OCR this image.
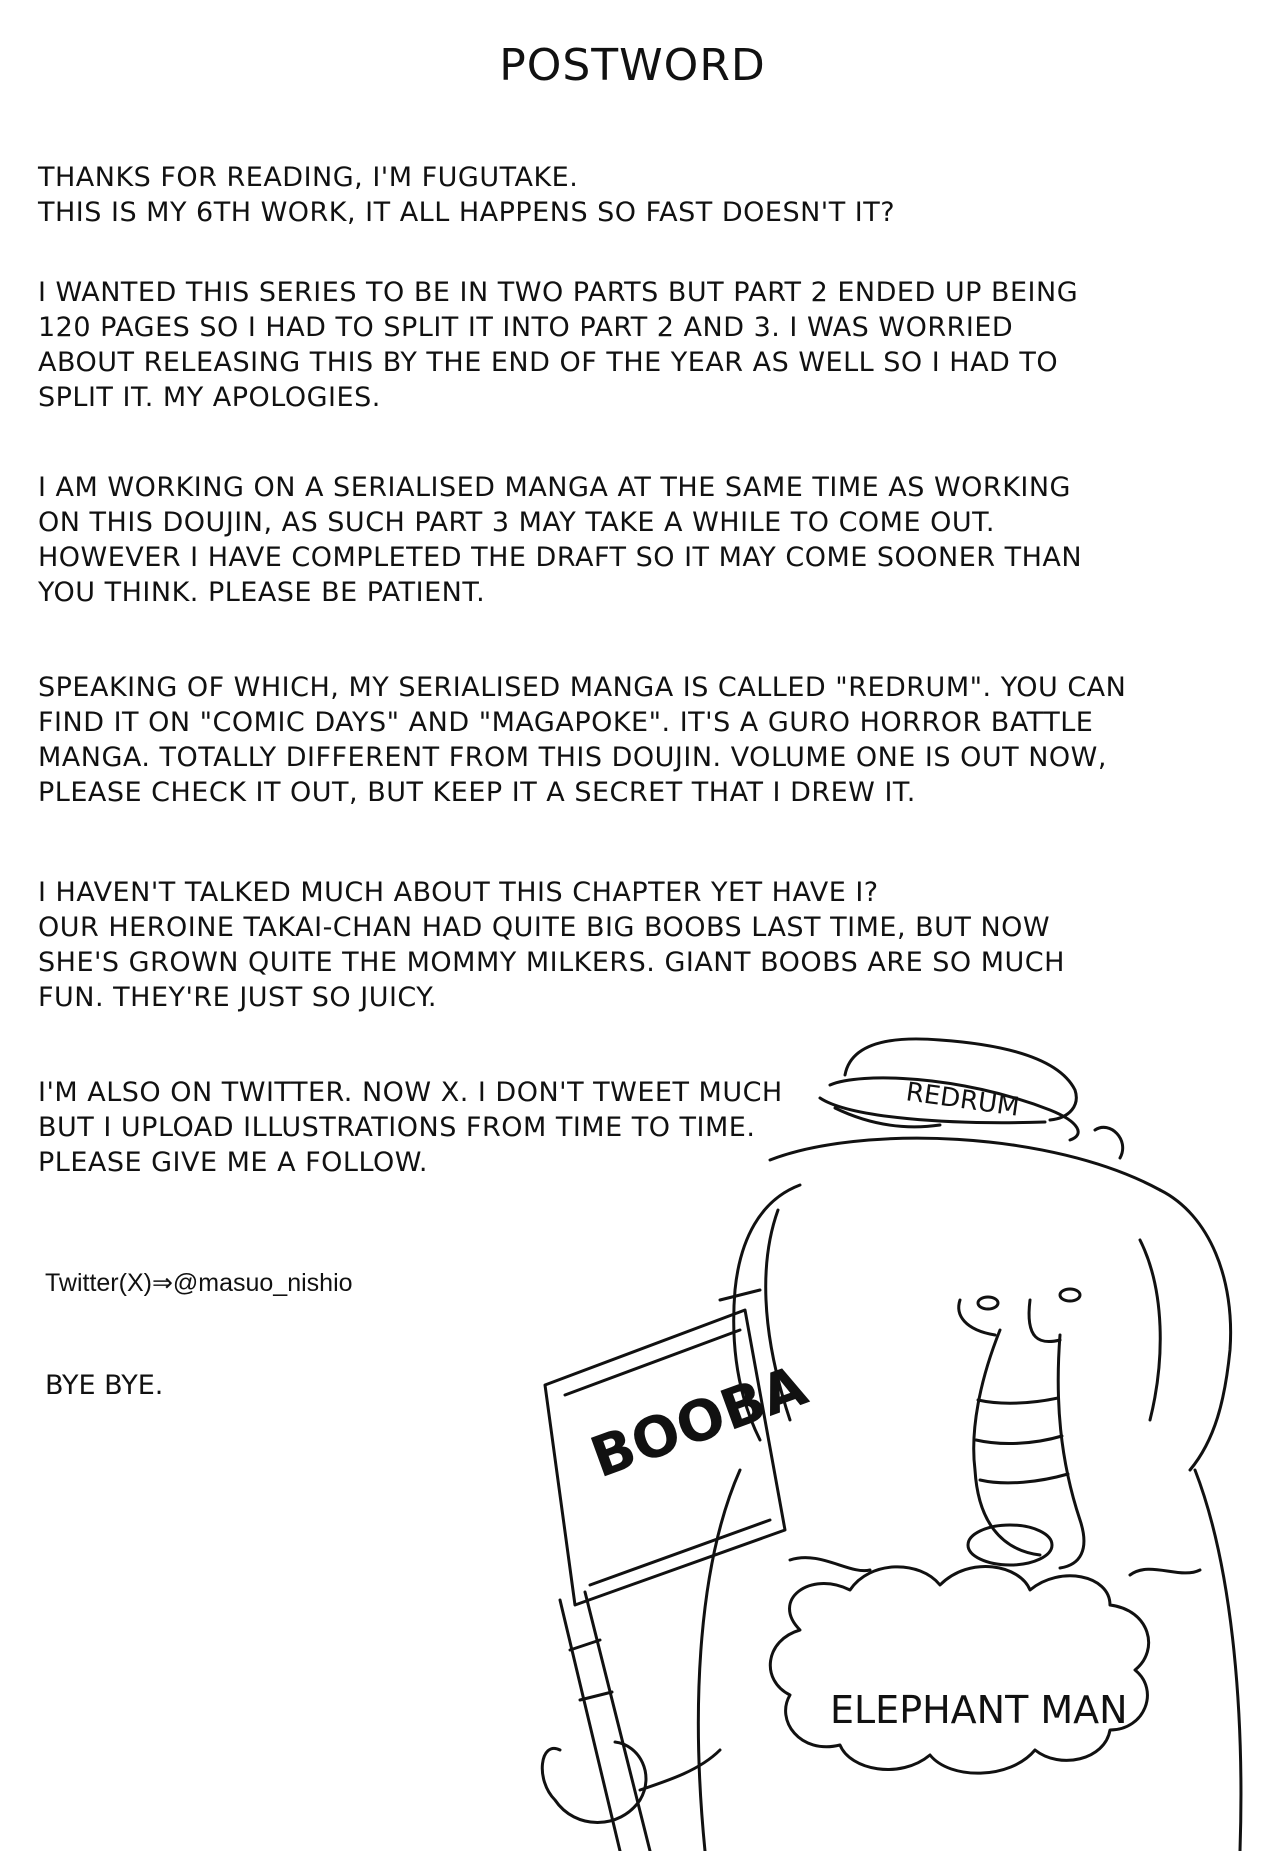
POSTWORD

THANKS FOR READING, I'M FUGUTAKE.
THIS IS MY 6TH WORK, IT ALL HAPPENS SO FAST DOESN'T IT?

I WANTED THIS SERIES TO BE IN TWO PARTS BUT PART 2 ENDED UP BEING
120 PAGES SO I HAD TO SPLIT IT INTO PART 2 AND 3. I WAS WORRIED
ABOUT RELEASING THIS BY THE END OF THE YEAR AS WELL SO I HAD TO
SPLIT IT. MY APOLOGIES.

I AM WORKING ON A SERIALISED MANGA AT THE SAME TIME AS WORKING
ON THIS DOUJIN, AS SUCH PART 3 MAY TAKE A WHILE TO COME OUT.
HOWEVER I HAVE COMPLETED THE DRAFT SO IT MAY COME SOONER THAN
YOU THINK. PLEASE BE PATIENT.

SPEAKING OF WHICH, MY SERIALISED MANGA IS CALLED "REDRUM". YOU CAN
FIND IT ON "COMIC DAYS" AND "MAGAPOKE". IT'S A GURO HORROR BATTLE
MANGA. TOTALLY DIFFERENT FROM THIS DOUJIN. VOLUME ONE IS OUT NOW,
PLEASE CHECK IT OUT, BUT KEEP IT A SECRET THAT I DREW IT.

I HAVEN'T TALKED MUCH ABOUT THIS CHAPTER YET HAVE I?
OUR HEROINE TAKAI-CHAN HAD QUITE BIG BOOBS LAST TIME, BUT NOW
SHE'S GROWN QUITE THE MOMMY MILKERS. GIANT BOOBS ARE SO MUCH
FUN. THEY'RE JUST SO JUICY.

I'M ALSO ON TWITTER. NOW X. I DON'T TWEET MUCH
BUT I UPLOAD ILLUSTRATIONS FROM TIME TO TIME.
PLEASE GIVE ME A FOLLOW.

Twitter(X)⇒@masuo_nishio
BYE BYE.
REDRUM
BOOBA
ELEPHANT MAN
